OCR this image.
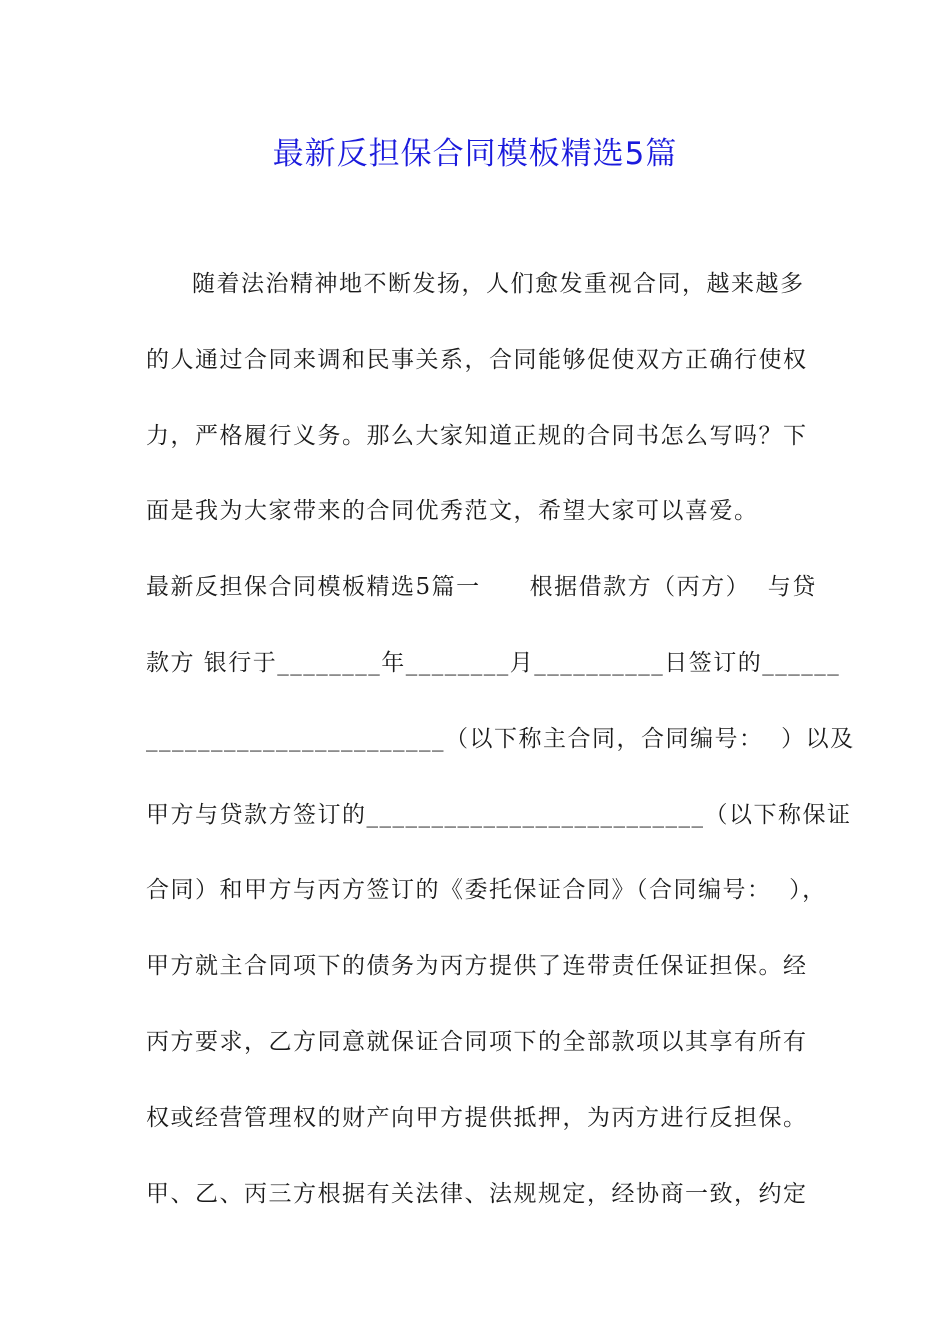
最新反担保合同模板精选5篇
随着法治精神地不断发扬，人们愈发重视合同，越来越多
的人通过合同来调和民事关系，合同能够促使双方正确行使权
力，严格履行义务。那么大家知道正规的合同书怎么写吗？下
面是我为大家带来的合同优秀范文，希望大家可以喜爱。
最新反担保合同模板精选5篇一　　根据借款方（丙方）  与贷
款方 银行于________年________月__________日签订的______
_______________________（以下称主合同，合同编号：  ）以及
甲方与贷款方签订的__________________________（以下称保证
合同）和甲方与丙方签订的《委托保证合同》（合同编号：  ），
甲方就主合同项下的债务为丙方提供了连带责任保证担保。经
丙方要求，乙方同意就保证合同项下的全部款项以其享有所有
权或经营管理权的财产向甲方提供抵押，为丙方进行反担保。
甲、乙、丙三方根据有关法律、法规规定，经协商一致，约定
